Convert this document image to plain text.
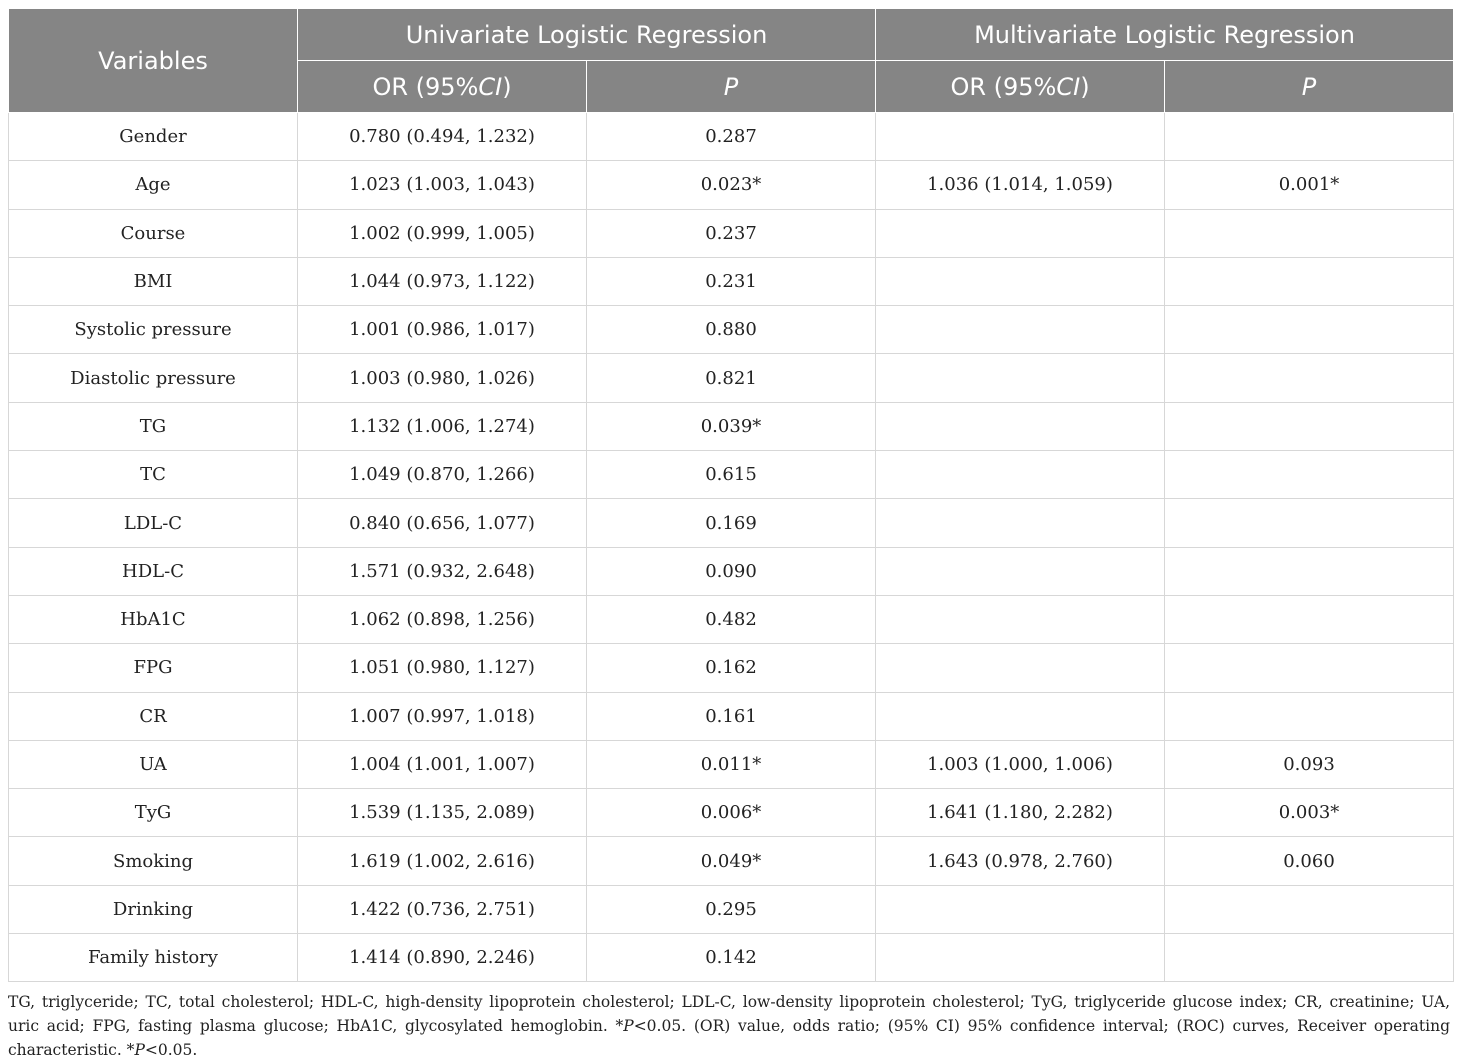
Variables	Univariate Logistic Regression		Multivariate Logistic Regression	
	OR (95%CI)	P	OR (95%CI)	P
Gender	0.780 (0.494, 1.232)	0.287		
Age	1.023 (1.003, 1.043)	0.023*	1.036 (1.014, 1.059)	0.001*
Course	1.002 (0.999, 1.005)	0.237		
BMI	1.044 (0.973, 1.122)	0.231		
Systolic pressure	1.001 (0.986, 1.017)	0.880		
Diastolic pressure	1.003 (0.980, 1.026)	0.821		
TG	1.132 (1.006, 1.274)	0.039*		
TC	1.049 (0.870, 1.266)	0.615		
LDL-C	0.840 (0.656, 1.077)	0.169		
HDL-C	1.571 (0.932, 2.648)	0.090		
HbA1C	1.062 (0.898, 1.256)	0.482		
FPG	1.051 (0.980, 1.127)	0.162		
CR	1.007 (0.997, 1.018)	0.161		
UA	1.004 (1.001, 1.007)	0.011*	1.003 (1.000, 1.006)	0.093
TyG	1.539 (1.135, 2.089)	0.006*	1.641 (1.180, 2.282)	0.003*
Smoking	1.619 (1.002, 2.616)	0.049*	1.643 (0.978, 2.760)	0.060
Drinking	1.422 (0.736, 2.751)	0.295		
Family history	1.414 (0.890, 2.246)	0.142		
TG, triglyceride; TC, total cholesterol; HDL-C, high-density lipoprotein cholesterol; LDL-C, low-density lipoprotein cholesterol; TyG, triglyceride glucose index; CR, creatinine; UA, uric acid; FPG, fasting plasma glucose; HbA1C, glycosylated hemoglobin. *P<0.05. (OR) value, odds ratio; (95% CI) 95% confidence interval; (ROC) curves, Receiver operating characteristic. *P<0.05.
